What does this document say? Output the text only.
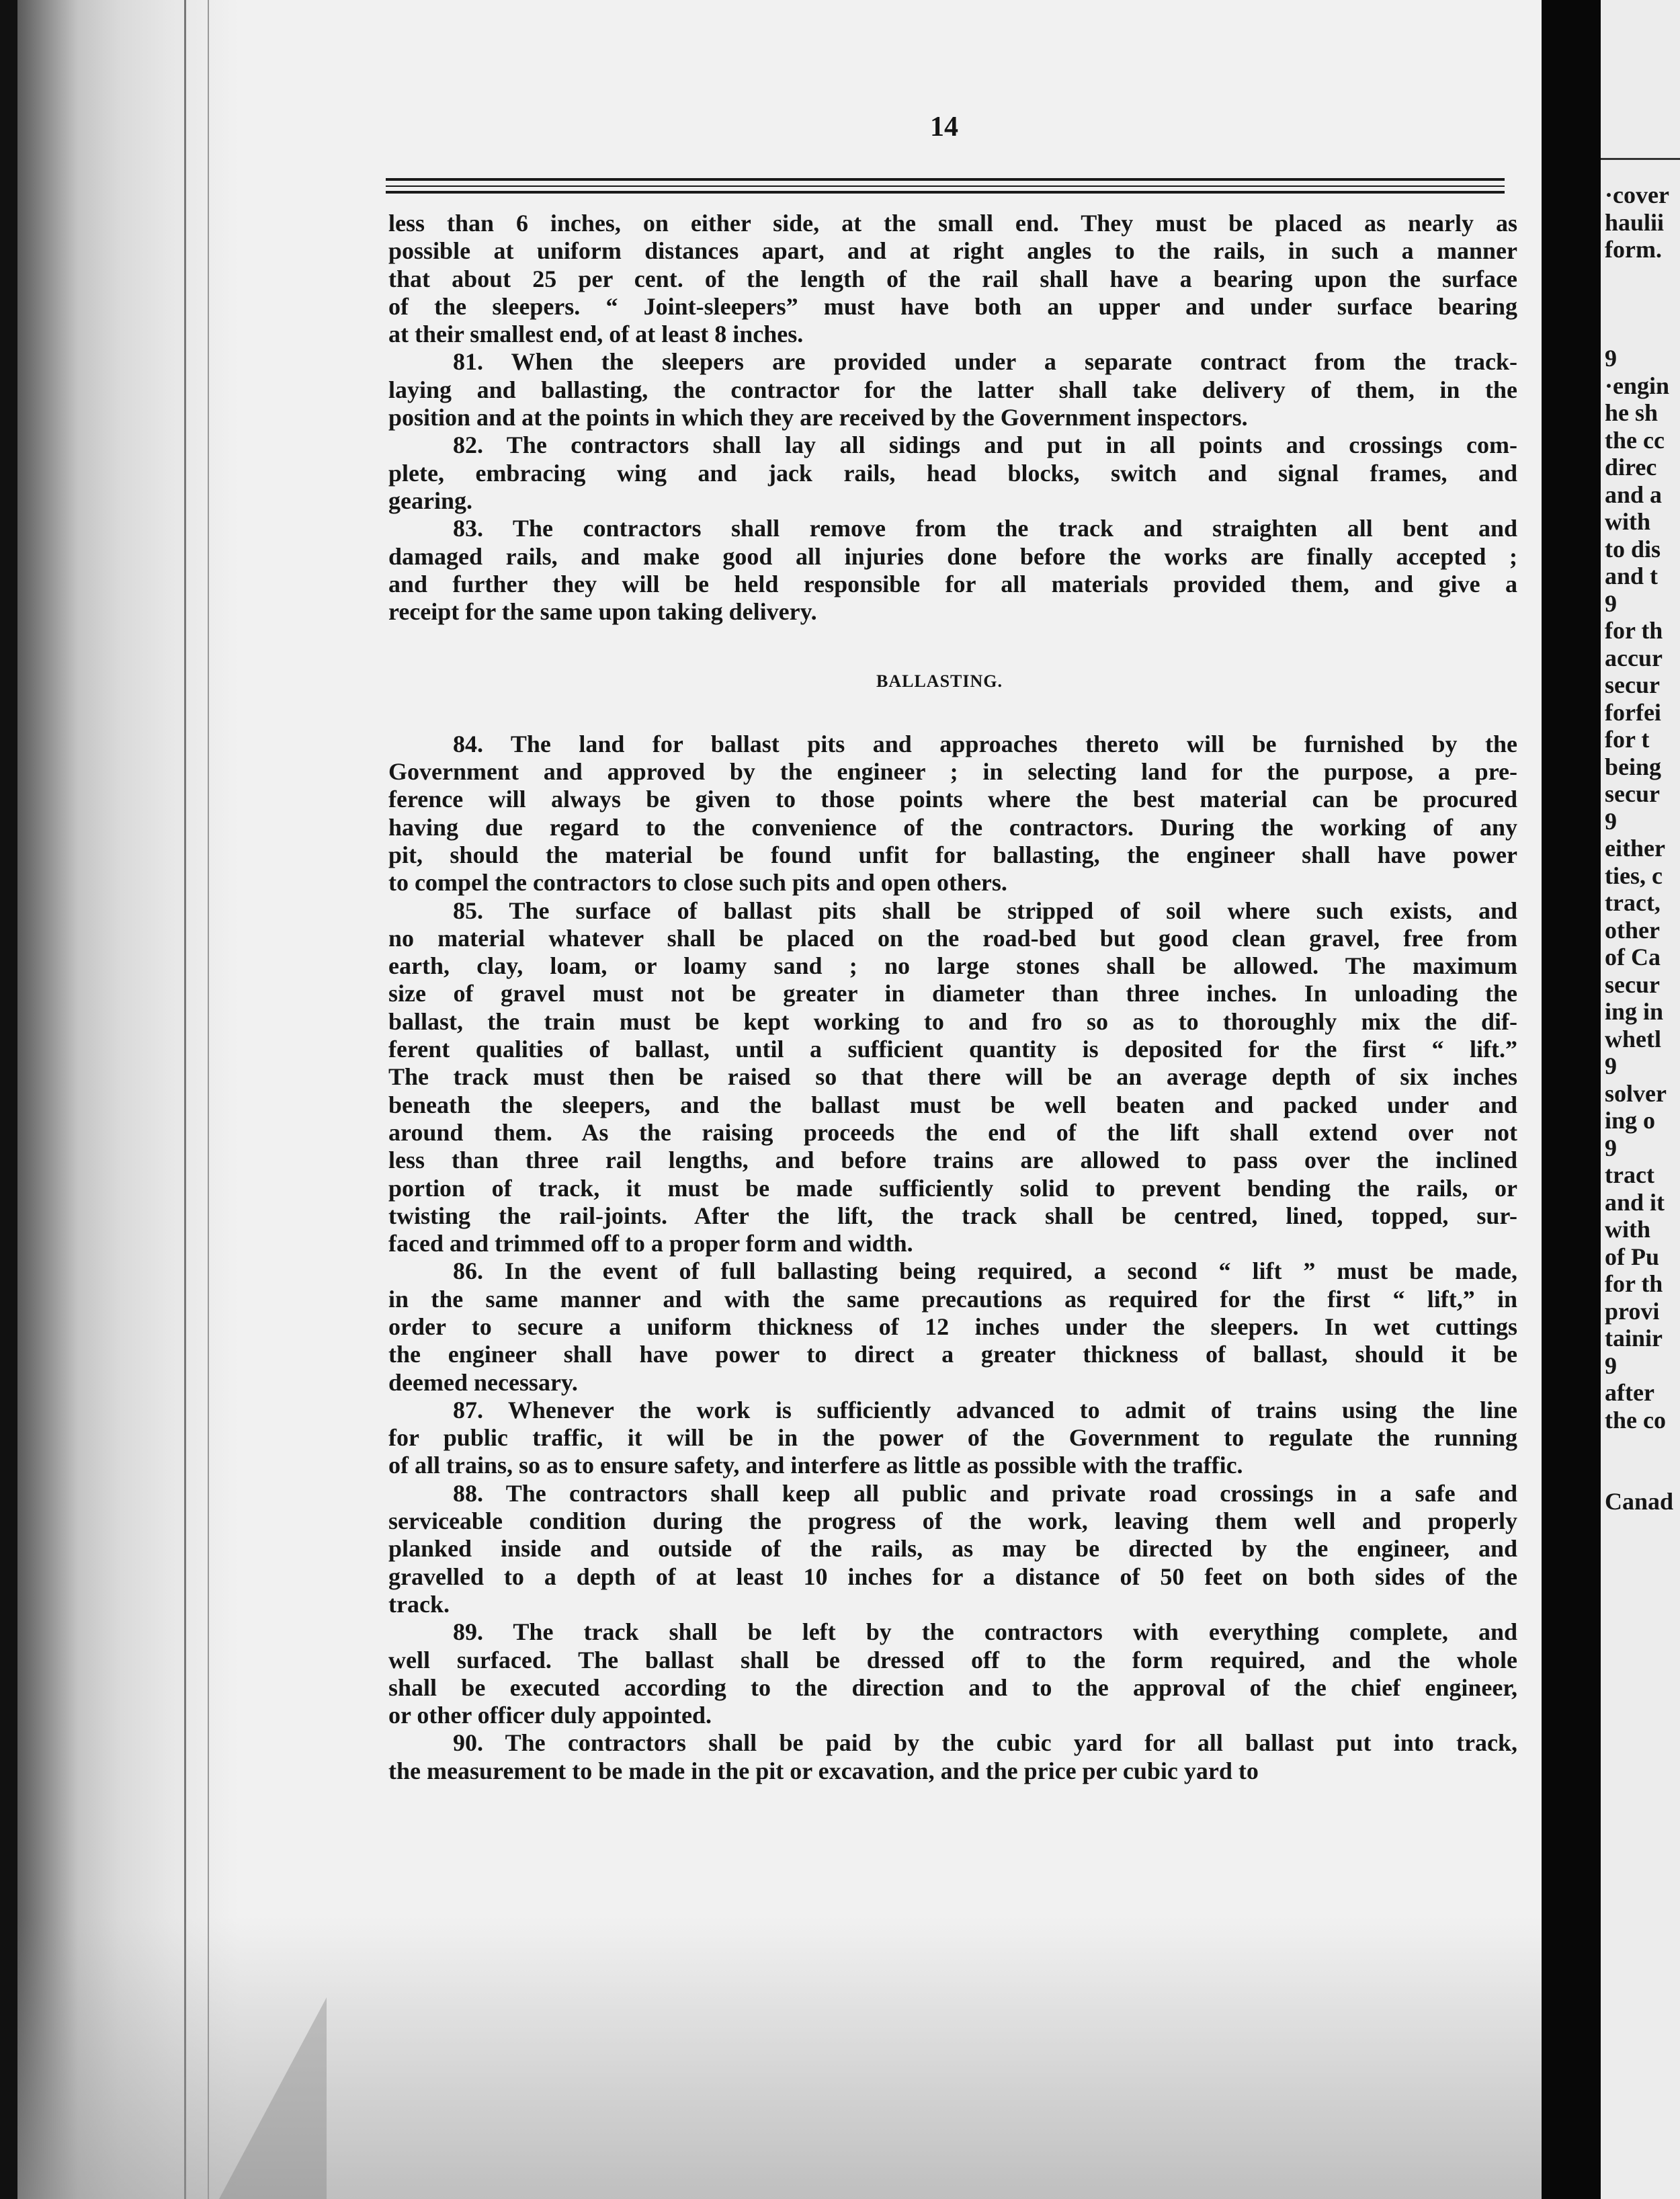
14

less than 6 inches, on either side, at the small end. They must be placed as nearly as

possible at uniform distances apart, and at right angles to the rails, in such a manner

that about 25 per cent. of the length of the rail shall have a bearing upon the surface

of the sleepers. “ Joint-sleepers” must have both an upper and under surface bearing

at their smallest end, of at least 8 inches.

81. When the sleepers are provided under a separate contract from the track-

laying and ballasting, the contractor for the latter shall take delivery of them, in the

position and at the points in which they are received by the Government inspectors.

82. The contractors shall lay all sidings and put in all points and crossings com-

plete, embracing wing and jack rails, head blocks, switch and signal frames, and

gearing.

83. The contractors shall remove from the track and straighten all bent and

damaged rails, and make good all injuries done before the works are finally accepted ;

and further they will be held responsible for all materials provided them, and give a

receipt for the same upon taking delivery.

BALLASTING.

84. The land for ballast pits and approaches thereto will be furnished by the

Government and approved by the engineer ; in selecting land for the purpose, a pre-

ference will always be given to those points where the best material can be procured

having due regard to the convenience of the contractors. During the working of any

pit, should the material be found unfit for ballasting, the engineer shall have power

to compel the contractors to close such pits and open others.

85. The surface of ballast pits shall be stripped of soil where such exists, and

no material whatever shall be placed on the road-bed but good clean gravel, free from

earth, clay, loam, or loamy sand ; no large stones shall be allowed. The maximum

size of gravel must not be greater in diameter than three inches. In unloading the

ballast, the train must be kept working to and fro so as to thoroughly mix the dif-

ferent qualities of ballast, until a sufficient quantity is deposited for the first “ lift.”

The track must then be raised so that there will be an average depth of six inches

beneath the sleepers, and the ballast must be well beaten and packed under and

around them. As the raising proceeds the end of the lift shall extend over not

less than three rail lengths, and before trains are allowed to pass over the inclined

portion of track, it must be made sufficiently solid to prevent bending the rails, or

twisting the rail-joints. After the lift, the track shall be centred, lined, topped, sur-

faced and trimmed off to a proper form and width.

86. In the event of full ballasting being required, a second “ lift ” must be made,

in the same manner and with the same precautions as required for the first “ lift,” in

order to secure a uniform thickness of 12 inches under the sleepers. In wet cuttings

the engineer shall have power to direct a greater thickness of ballast, should it be

deemed necessary.

87. Whenever the work is sufficiently advanced to admit of trains using the line

for public traffic, it will be in the power of the Government to regulate the running

of all trains, so as to ensure safety, and interfere as little as possible with the traffic.

88. The contractors shall keep all public and private road crossings in a safe and

serviceable condition during the progress of the work, leaving them well and properly

planked inside and outside of the rails, as may be directed by the engineer, and

gravelled to a depth of at least 10 inches for a distance of 50 feet on both sides of the

track.

89. The track shall be left by the contractors with everything complete, and

well surfaced. The ballast shall be dressed off to the form required, and the whole

shall be executed according to the direction and to the approval of the chief engineer,

or other officer duly appointed.

90. The contractors shall be paid by the cubic yard for all ballast put into track,

the measurement to be made in the pit or excavation, and the price per cubic yard to

·cover
haulii
form.
9
·engin
he sh
the cc
direc
and a
with
to dis
and t
9
for th
accur
secur
forfei
for t
being
secur
9
either
ties, c
tract,
other
of Ca
secur
ing in
whetl
9
solver
ing o
9
tract
and it
with
of Pu
for th
provi
tainir
9
after
the co
Canad
